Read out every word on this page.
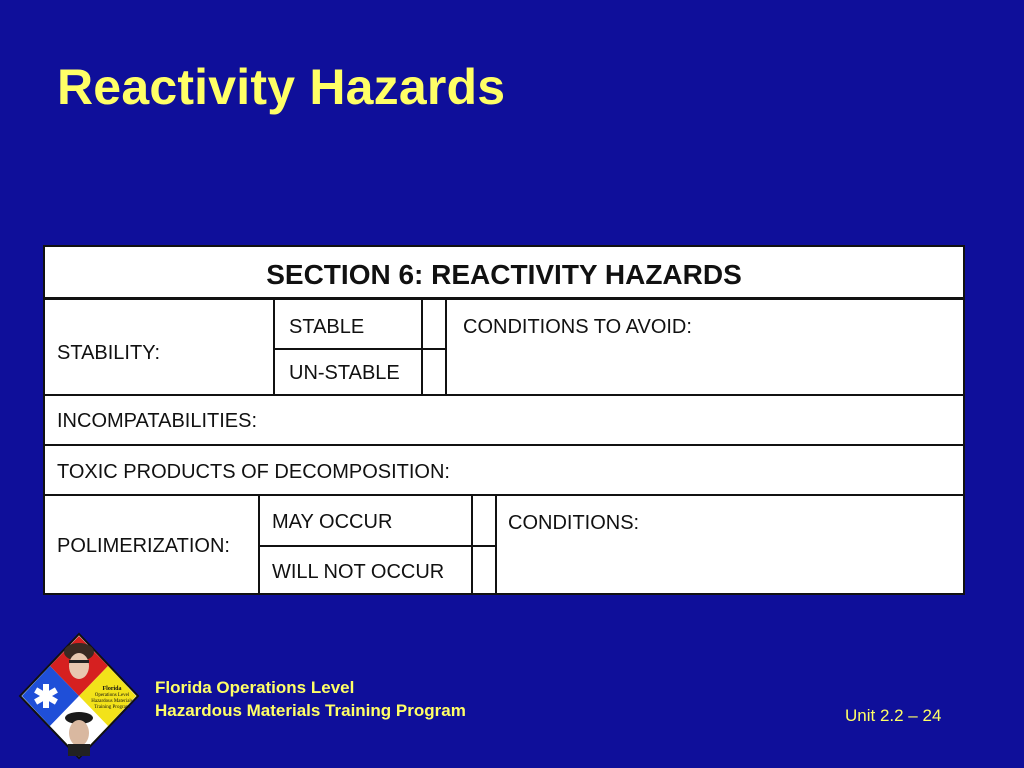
Reactivity Hazards
SECTION 6: REACTIVITY HAZARDS
STABILITY:
STABLE
UN-STABLE
CONDITIONS TO AVOID:
INCOMPATABILITIES:
TOXIC PRODUCTS OF DECOMPOSITION:
POLIMERIZATION:
MAY OCCUR
WILL NOT OCCUR
CONDITIONS:
Florida
Operations Level
Hazardous Materials
Training Program
Florida Operations Level
Hazardous Materials Training Program	Unit 2.2 – 24
